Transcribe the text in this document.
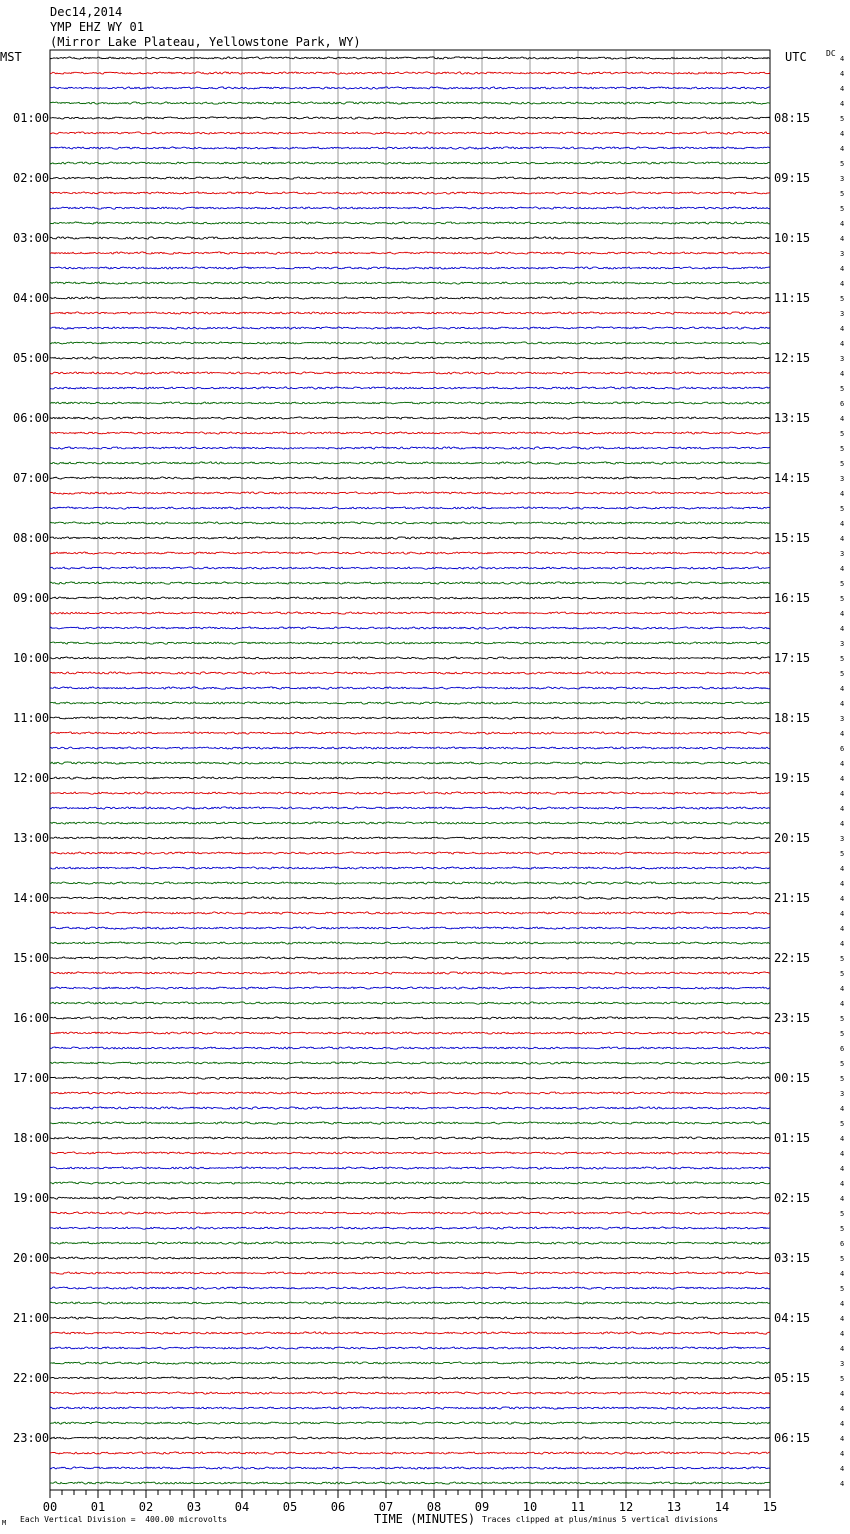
Dec14,2014
YMP EHZ WY 01
(Mirror Lake Plateau, Yellowstone Park, WY)
MST	UTC DC
4
4
4
4
5
4
4
5
3
5
5
4
4
3
4
4
5
3
4
4
3
4
5
6
4
5
5
5
3
4
5
4
4
3
4
5
5
4
4
3
5
5
4
4
3
4
6
4
4
4
4
4
3
5
4
4
4
4
4
4
5
5
4
4
5
5
6
5
5
3
4
5
4
4
4
4
4
5
5
6
5
4
5
4
4
4
4
3
5
4
4
4
4
4
4
4
01:00
02:00
03:00
04:00
05:00
06:00
07:00
08:00
09:00
10:00
11:00
12:00
13:00
14:00
15:00
16:00
17:00
18:00
19:00
20:00
21:00
22:00
23:00
08:15
09:15
10:15
11:15
12:15
13:15
14:15
15:15
16:15
17:15
18:15
19:15
20:15
21:15
22:15
23:15
00:15
01:15
02:15
03:15
04:15
05:15
06:15
00	01	02	03	04	05	06	07	08	09	10	11	12	13	14	15
M Each Vertical Division =  400.00 microvolts	TIME (MINUTES) Traces clipped at plus/minus 5 vertical divisions
